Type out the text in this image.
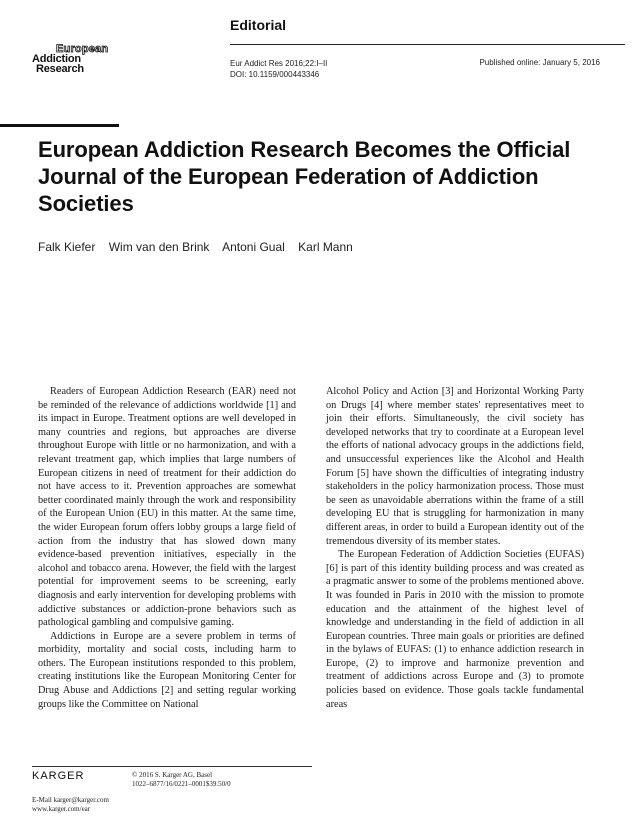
Editorial
European
Addiction
Research	Eur Addict Res 2016;22:I–II
DOI: 10.1159/000443346
Published online: January 5, 2016
European Addiction Research Becomes the Official Journal of the European Federation of Addiction Societies
Falk Kiefer Wim van den Brink Antoni Gual Karl Mann

Readers of European Addiction Research (EAR) need not be reminded of the relevance of addictions worldwide [1] and its impact in Europe. Treatment options are well developed in many countries and regions, but approaches are diverse throughout Europe with little or no harmonization, and with a relevant treatment gap, which implies that large numbers of European citizens in need of treatment for their addiction do not have access to it. Prevention approaches are somewhat better coordinated mainly through the work and responsibility of the European Union (EU) in this matter. At the same time, the wider European forum offers lobby groups a large field of action from the industry that has slowed down many evidence-based prevention initiatives, especially in the alcohol and tobacco arena. However, the field with the largest potential for improvement seems to be screening, early diagnosis and early intervention for developing problems with addictive substances or addiction-prone behaviors such as pathological gambling and compulsive gaming.

Addictions in Europe are a severe problem in terms of morbidity, mortality and social costs, including harm to others. The European institutions responded to this problem, creating institutions like the European Monitoring Center for Drug Abuse and Addictions [2] and setting regular working groups like the Committee on National

Alcohol Policy and Action [3] and Horizontal Working Party on Drugs [4] where member states' representatives meet to join their efforts. Simultaneously, the civil society has developed networks that try to coordinate at a European level the efforts of national advocacy groups in the addictions field, and unsuccessful experiences like the Alcohol and Health Forum [5] have shown the difficulties of integrating industry stakeholders in the policy harmonization process. Those must be seen as unavoidable aberrations within the frame of a still developing EU that is struggling for harmonization in many different areas, in order to build a European identity out of the tremendous diversity of its member states.

The European Federation of Addiction Societies (EUFAS) [6] is part of this identity building process and was created as a pragmatic answer to some of the problems mentioned above. It was founded in Paris in 2010 with the mission to promote education and the attainment of the highest level of knowledge and understanding in the field of addiction in all European countries. Three main goals or priorities are defined in the bylaws of EUFAS: (1) to enhance addiction research in Europe, (2) to improve and harmonize prevention and treatment of addictions across Europe and (3) to promote policies based on evidence. Those goals tackle fundamental areas

KARGER	© 2016 S. Karger AG, Basel
1022–6877/16/0221–0001$39.50/0
E-Mail karger@karger.com
www.karger.com/ear
